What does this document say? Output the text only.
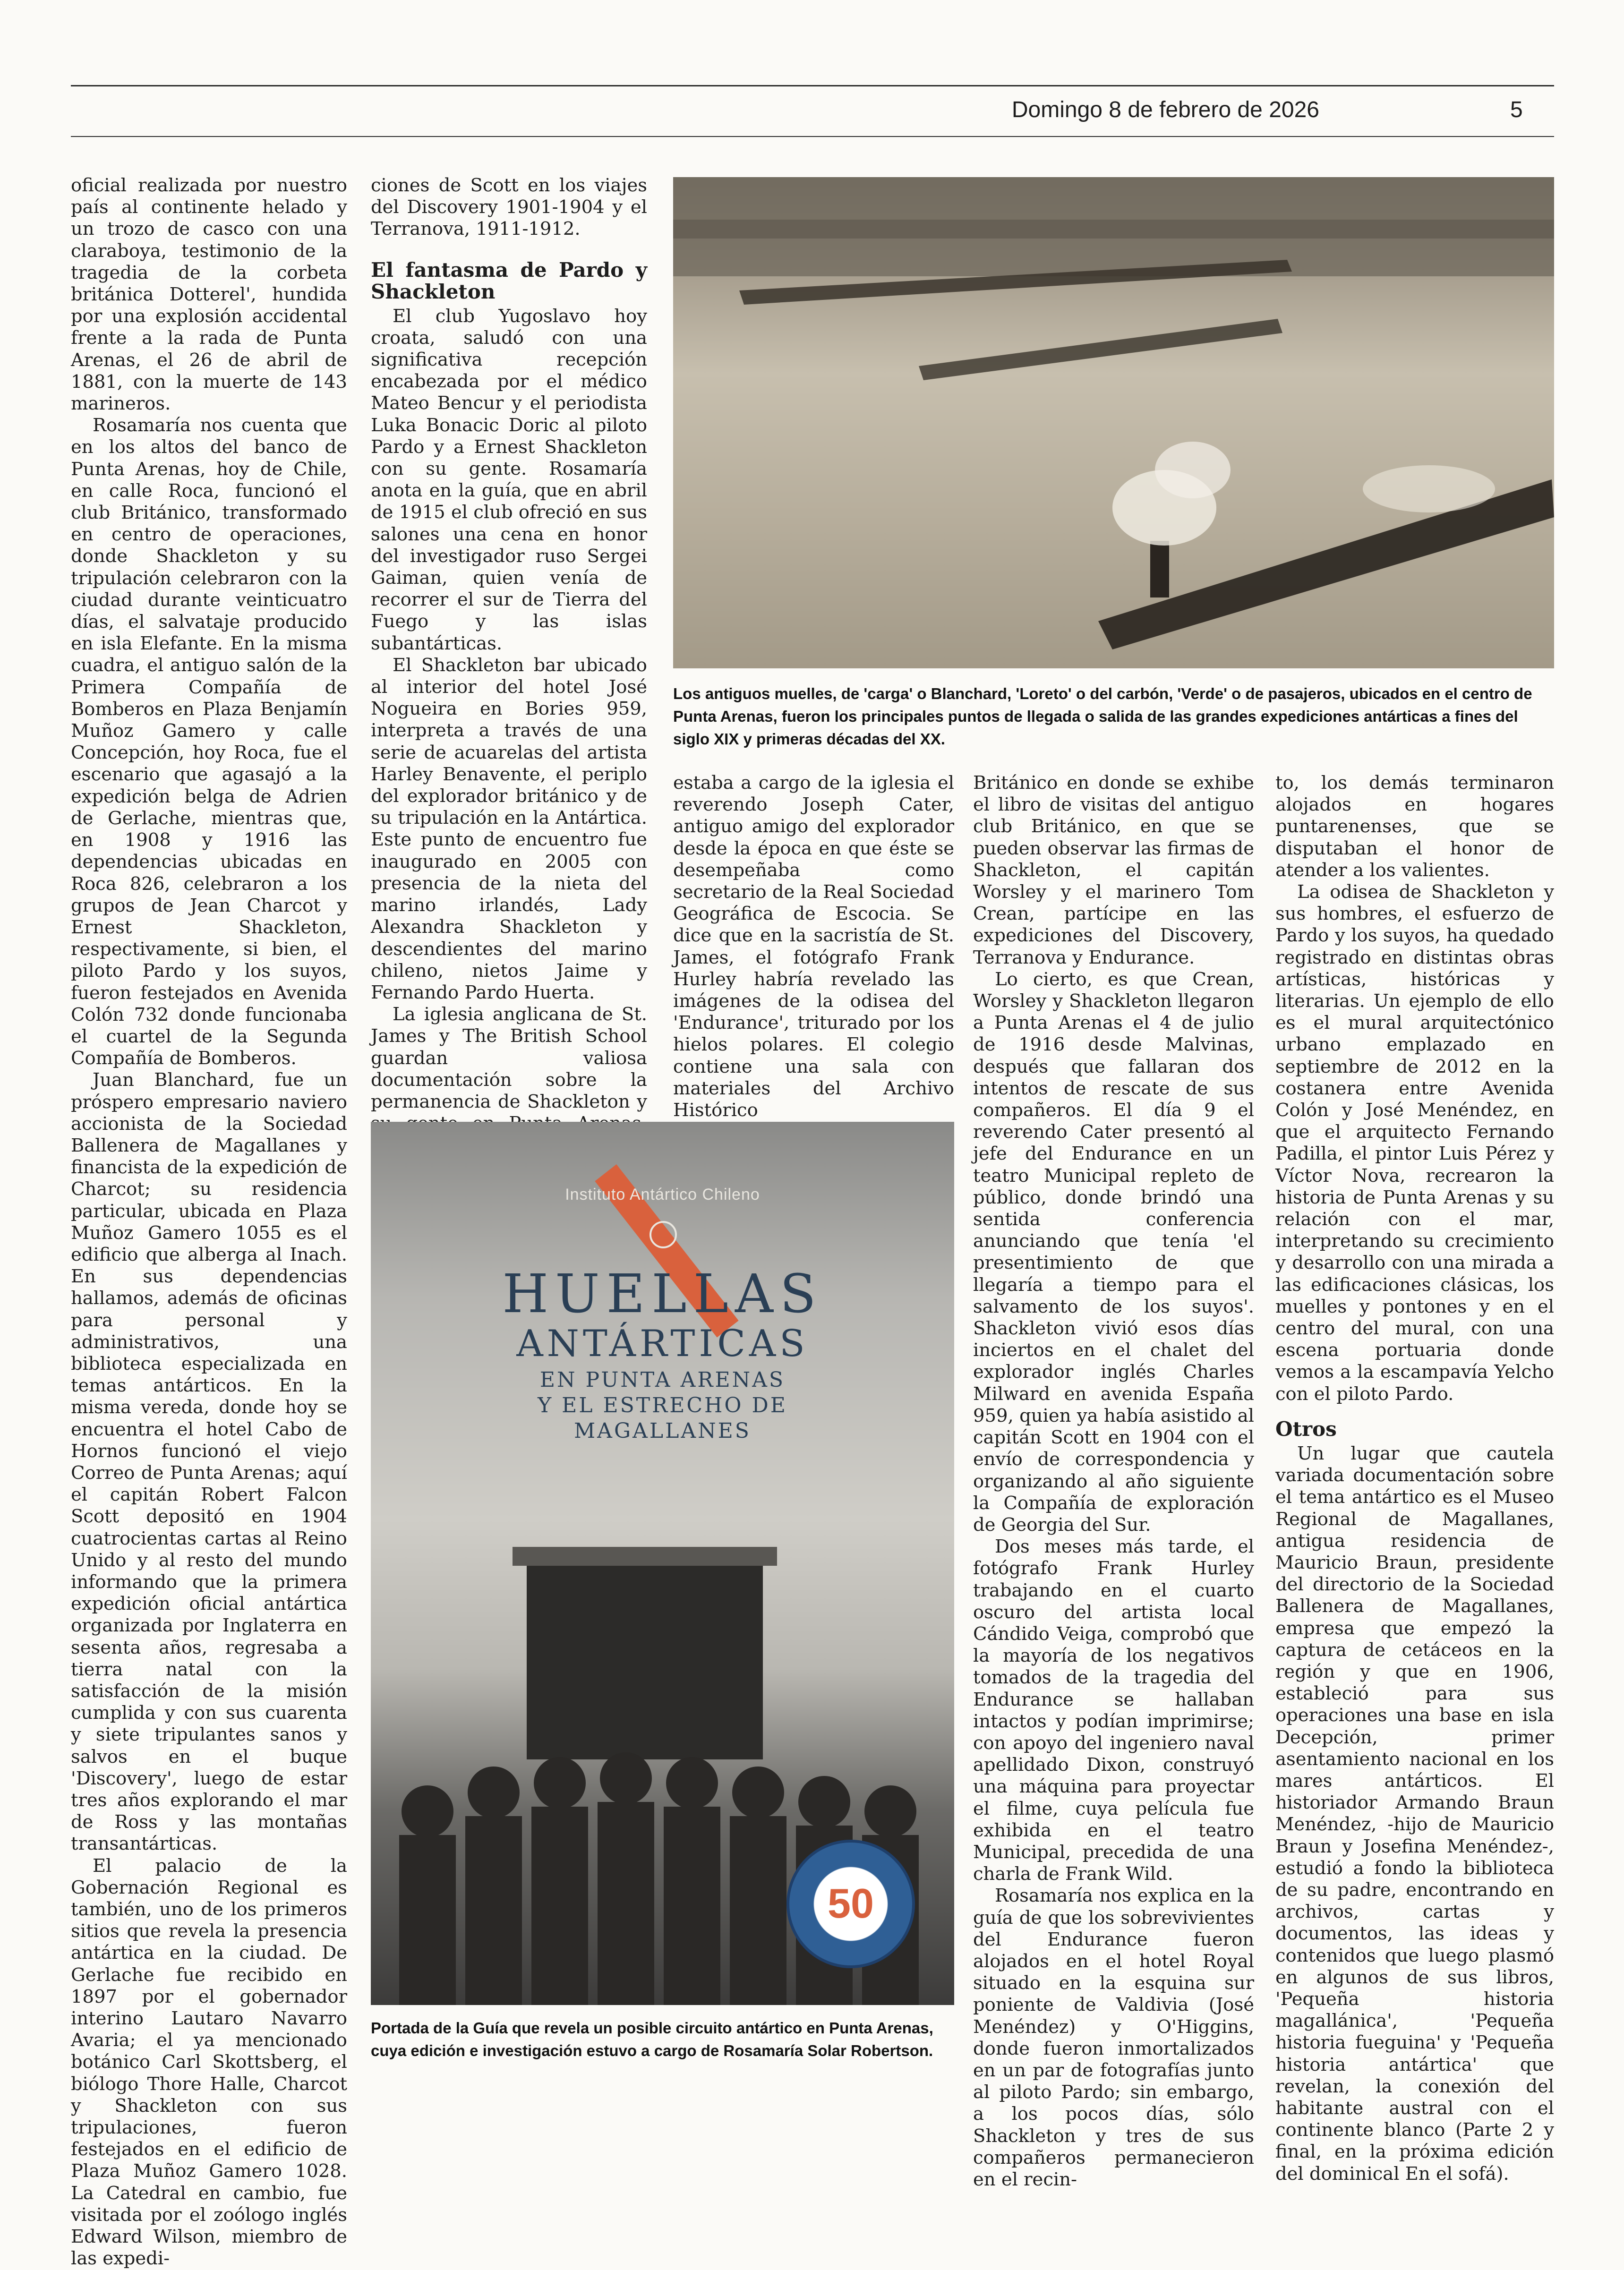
Domingo 8 de febrero de 2026	5

oficial realizada por nuestro país al continente helado y un trozo de casco con una claraboya, testimonio de la tragedia de la corbeta británica Dotterel', hundida por una explosión accidental frente a la rada de Punta Arenas, el 26 de abril de 1881, con la muerte de 143 marineros.

Rosamaría nos cuenta que en los altos del banco de Punta Arenas, hoy de Chile, en calle Roca, funcionó el club Británico, transformado en centro de operaciones, donde Shackleton y su tripulación celebraron con la ciudad durante veinticuatro días, el salvataje producido en isla Elefante. En la misma cuadra, el antiguo salón de la Primera Compañía de Bomberos en Plaza Benjamín Muñoz Gamero y calle Concepción, hoy Roca, fue el escenario que agasajó a la expedición belga de Adrien de Gerlache, mientras que, en 1908 y 1916 las dependencias ubicadas en Roca 826, celebraron a los grupos de Jean Charcot y Ernest Shackleton, respectivamente, si bien, el piloto Pardo y los suyos, fueron festejados en Avenida Colón 732 donde funcionaba el cuartel de la Segunda Compañía de Bomberos.

Juan Blanchard, fue un próspero empresario naviero accionista de la Sociedad Ballenera de Magallanes y financista de la expedición de Charcot; su residencia particular, ubicada en Plaza Muñoz Gamero 1055 es el edificio que alberga al Inach. En sus dependencias hallamos, además de oficinas para personal y administrativos, una biblioteca especializada en temas antárticos. En la misma vereda, donde hoy se encuentra el hotel Cabo de Hornos funcionó el viejo Correo de Punta Arenas; aquí el capitán Robert Falcon Scott depositó en 1904 cuatrocientas cartas al Reino Unido y al resto del mundo informando que la primera expedición oficial antártica organizada por Inglaterra en sesenta años, regresaba a tierra natal con la satisfacción de la misión cumplida y con sus cuarenta y siete tripulantes sanos y salvos en el buque 'Discovery', luego de estar tres años explorando el mar de Ross y las montañas transantárticas.

El palacio de la Gobernación Regional es también, uno de los primeros sitios que revela la presencia antártica en la ciudad. De Gerlache fue recibido en 1897 por el gobernador interino Lautaro Navarro Avaria; el ya mencionado botánico Carl Skottsberg, el biólogo Thore Halle, Charcot y Shackleton con sus tripulaciones, fueron festejados en el edificio de Plaza Muñoz Gamero 1028. La Catedral en cambio, fue visitada por el zoólogo inglés Edward Wilson, miembro de las expedi-

ciones de Scott en los viajes del Discovery 1901-1904 y el Terranova, 1911-1912.

El fantasma de Pardo y Shackleton

El club Yugoslavo hoy croata, saludó con una significativa recepción encabezada por el médico Mateo Bencur y el periodista Luka Bonacic Doric al piloto Pardo y a Ernest Shackleton con su gente. Rosamaría anota en la guía, que en abril de 1915 el club ofreció en sus salones una cena en honor del investigador ruso Sergei Gaiman, quien venía de recorrer el sur de Tierra del Fuego y las islas subantárticas.

El Shackleton bar ubicado al interior del hotel José Nogueira en Bories 959, interpreta a través de una serie de acuarelas del artista Harley Benavente, el periplo del explorador británico y de su tripulación en la Antártica. Este punto de encuentro fue inaugurado en 2005 con presencia de la nieta del marino irlandés, Lady Alexandra Shackleton y descendientes del marino chileno, nietos Jaime y Fernando Pardo Huerta.

La iglesia anglicana de St. James y The British School guardan valiosa documentación sobre la permanencia de Shackleton y

Los antiguos muelles, de 'carga' o Blanchard, 'Loreto' o del carbón, 'Verde' o de pasajeros, ubicados en el centro de Punta Arenas, fueron los principales puntos de llegada o salida de las grandes expediciones antárticas a fines del siglo XIX y primeras décadas del XX.

estaba a cargo de la iglesia el reverendo Joseph Cater, antiguo amigo del explorador desde la época en que éste se desempeñaba como secretario de la Real Sociedad Geográfica de Escocia. Se dice que en la sacristía de St. James, el fotógrafo Frank Hurley habría revelado las imágenes de la odisea del 'Endurance', triturado por los hielos polares. El colegio contiene una sala con materiales del Archivo Histórico

Británico en donde se exhibe el libro de visitas del antiguo club Británico, en que se pueden observar las firmas de Shackleton, el capitán Worsley y el marinero Tom Crean, partícipe en las expediciones del Discovery, Terranova y Endurance.

Lo cierto, es que Crean, Worsley y Shackleton llegaron a Punta Arenas el 4 de julio de 1916 desde Malvinas, después que fallaran dos intentos de rescate de sus compañeros. El día 9 el reverendo Cater presentó al jefe del Endurance en un teatro Municipal repleto de público, donde brindó una sentida conferencia anunciando que tenía 'el presentimiento de que llegaría a tiempo para el salvamento de los suyos'. Shackleton vivió esos días inciertos en el chalet del explorador inglés Charles Milward en avenida España 959, quien ya había asistido al capitán Scott en 1904 con el envío de correspondencia y organizando al año siguiente la Compañía de exploración de Georgia del Sur.

Dos meses más tarde, el fotógrafo Frank Hurley trabajando en el cuarto oscuro del artista local Cándido Veiga, comprobó que la mayoría de los negativos tomados de la tragedia del Endurance se hallaban intactos y podían imprimirse; con apoyo del ingeniero naval apellidado Dixon, construyó una máquina para proyectar el filme, cuya película fue exhibida en el teatro Municipal, precedida de una charla de Frank Wild.

Rosamaría nos explica en la guía de que los sobrevivientes del Endurance fueron alojados en el hotel Royal situado en la esquina sur poniente de Valdivia (José Menéndez) y O'Higgins, donde fueron inmortalizados en un par de fotografías junto al piloto Pardo; sin embargo, a los pocos días, sólo Shackleton y tres de sus compañeros permanecieron en el recin-

to, los demás terminaron alojados en hogares puntarenenses, que se disputaban el honor de atender a los valientes.

La odisea de Shackleton y sus hombres, el esfuerzo de Pardo y los suyos, ha quedado registrado en distintas obras artísticas, históricas y literarias. Un ejemplo de ello es el mural arquitectónico urbano emplazado en septiembre de 2012 en la costanera entre Avenida Colón y José Menéndez, en que el arquitecto Fernando Padilla, el pintor Luis Pérez y Víctor Nova, recrearon la historia de Punta Arenas y su relación con el mar, interpretando su crecimiento y desarrollo con una mirada a las edificaciones clásicas, los muelles y pontones y en el centro del mural, con una escena portuaria donde vemos a la escampavía Yelcho con el piloto Pardo.

Otros

Un lugar que cautela variada documentación sobre el tema antártico es el Museo Regional de Magallanes, antigua residencia de Mauricio Braun, presidente del directorio de la Sociedad Ballenera de Magallanes, empresa que empezó la captura de cetáceos en la región y que en 1906, estableció para sus operaciones una base en isla Decepción, primer asentamiento nacional en los mares antárticos. El historiador Armando Braun Menéndez, -hijo de Mauricio Braun y Josefina Menéndez-, estudió a fondo la biblioteca de su padre, encontrando en archivos, cartas y documentos, las ideas y contenidos que luego plasmó en algunos de sus libros, 'Pequeña historia magallánica', 'Pequeña historia fueguina' y 'Pequeña historia antártica' que revelan, la conexión del habitante austral con el continente blanco (Parte 2 y final, en la próxima edición del dominical En el sofá).

Instituto Antártico Chileno
HUELLAS
ANTÁRTICAS
EN PUNTA ARENAS
Y EL ESTRECHO DE
MAGALLANES
50
Portada de la Guía que revela un posible circuito antártico en Punta Arenas, cuya edición e investigación estuvo a cargo de Rosamaría Solar Robertson.
